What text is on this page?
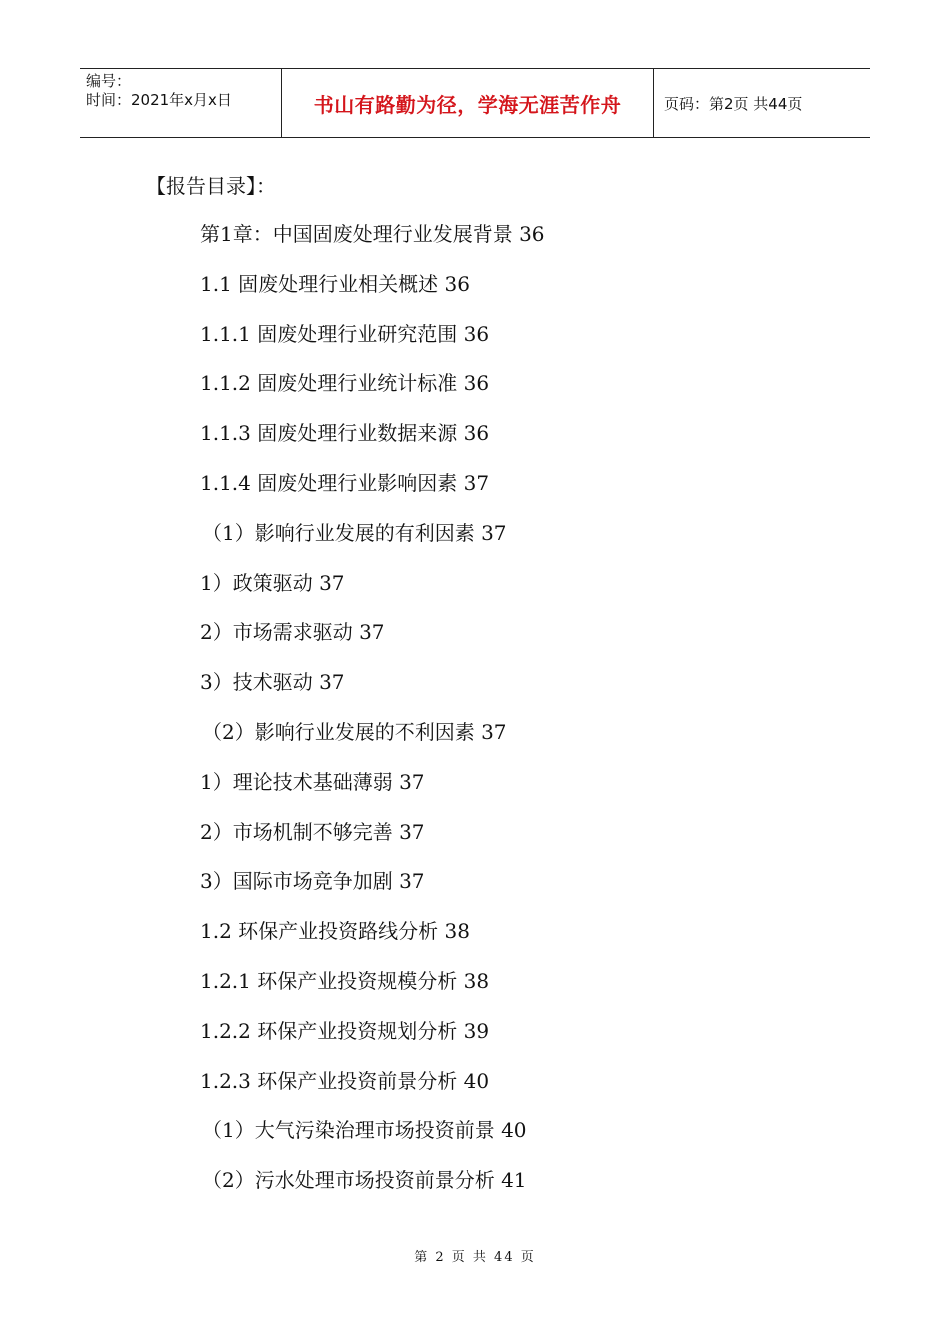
编号：
时间：2021年x月x日	书山有路勤为径，学海无涯苦作舟	页码：第2页 共44页
【报告目录】：
第1章：中国固废处理行业发展背景 36
1.1 固废处理行业相关概述 36
1.1.1 固废处理行业研究范围 36
1.1.2 固废处理行业统计标准 36
1.1.3 固废处理行业数据来源 36
1.1.4 固废处理行业影响因素 37
（1）影响行业发展的有利因素 37
1）政策驱动 37
2）市场需求驱动 37
3）技术驱动 37
（2）影响行业发展的不利因素 37
1）理论技术基础薄弱 37
2）市场机制不够完善 37
3）国际市场竞争加剧 37
1.2 环保产业投资路线分析 38
1.2.1 环保产业投资规模分析 38
1.2.2 环保产业投资规划分析 39
1.2.3 环保产业投资前景分析 40
（1）大气污染治理市场投资前景 40
（2）污水处理市场投资前景分析 41
第 2 页 共 44 页
